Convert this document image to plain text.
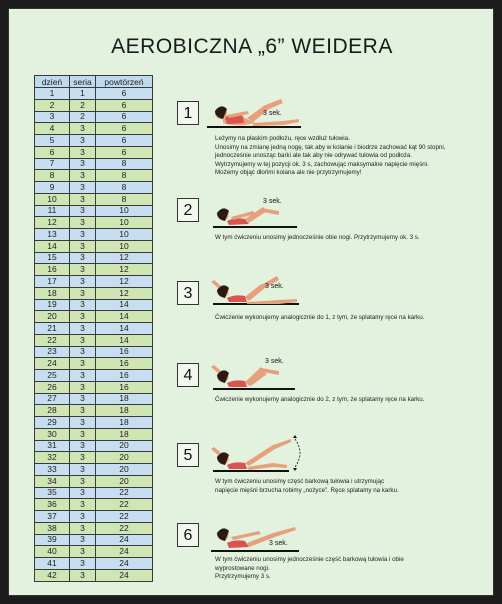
AEROBICZNA „6” WEIDERA
dzień	seria	powtórzeń
1	1	6
2	2	6
3	2	6
4	3	6
5	3	6
6	3	6
7	3	8
8	3	8
9	3	8
10	3	8
11	3	10
12	3	10
13	3	10
14	3	10
15	3	12
16	3	12
17	3	12
18	3	12
19	3	14
20	3	14
21	3	14
22	3	14
23	3	16
24	3	16
25	3	16
26	3	16
27	3	18
28	3	18
29	3	18
30	3	18
31	3	20
32	3	20
33	3	20
34	3	20
35	3	22
36	3	22
37	3	22
38	3	22
39	3	24
40	3	24
41	3	24
42	3	24
1	3 sek.
Leżymy na płaskim podłożu, ręce wzdłuż tułowia.
Unosimy na zmianę jedną nogę, tak aby w kolanie i biodrze zachować kąt 90 stopni,
jednocześnie unosząc barki ale tak aby nie odrywać tułowia od podłoża.
Wytrzymujemy w tej pozycji ok. 3 s, zachowując maksymalne napięcie mięśni.
Możemy objąć dłońmi kolana ale nie przytrzymujemy!
2
3 sek.
W tym ćwiczeniu unosimy jednocześnie obie nogi. Przytrzymujemy ok. 3 s.
3	3 sek.
Ćwiczenie wykonujemy analogicznie do 1, z tym, że splatamy ręce na karku.
4
3 sek.
Ćwiczenie wykonujemy analogicznie do 2, z tym, że splatamy ręce na karku.
5
W tym ćwiczeniu unosimy część barkową tułowia i utrzymując
napięcie mięśni brzucha robimy „nożyce”. Ręce splatamy na karku.
6	3 sek.
W tym ćwiczeniu unosimy jednocześnie część barkową tułowia i obie
wyprostowane nogi.
Przytrzymujemy 3 s.
